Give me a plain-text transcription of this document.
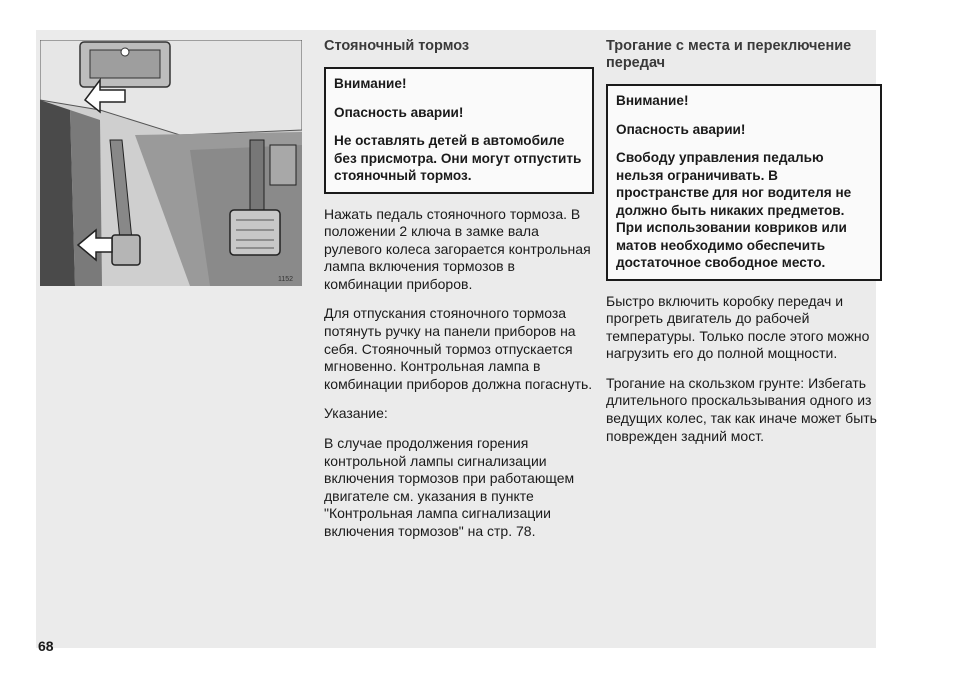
1152
Стояночный тормоз

Внимание!

Опасность аварии!

Не оставлять детей в автомобиле без присмотра. Они могут отпустить стояночный тормоз.

Нажать педаль стояночного тормоза. В положении 2 ключа в замке вала рулевого колеса загорается контрольная лампа включения тормозов в комбинации приборов.

Для отпускания стояночного тормоза потянуть ручку на панели приборов на себя. Стояночный тормоз отпускается мгновенно. Контрольная лампа в комбинации приборов должна погаснуть.

Указание:

В случае продолжения горения контрольной лампы сигнализации включения тормозов при работающем двигателе см. указания в пункте "Контрольная лампа сигнализации включения тормозов" на стр. 78.

Трогание с места и переключение передач

Внимание!

Опасность аварии!

Свободу управления педалью нельзя ограничивать. В пространстве для ног водителя не должно быть никаких предметов. При использовании ковриков или матов необходимо обеспечить достаточное свободное место.

Быстро включить коробку передач и прогреть двигатель до рабочей температуры. Только после этого можно нагрузить его до полной мощности.

Трогание на скользком грунте: Избегать длительного проскальзывания одного из ведущих колес, так как иначе может быть поврежден задний мост.

68
